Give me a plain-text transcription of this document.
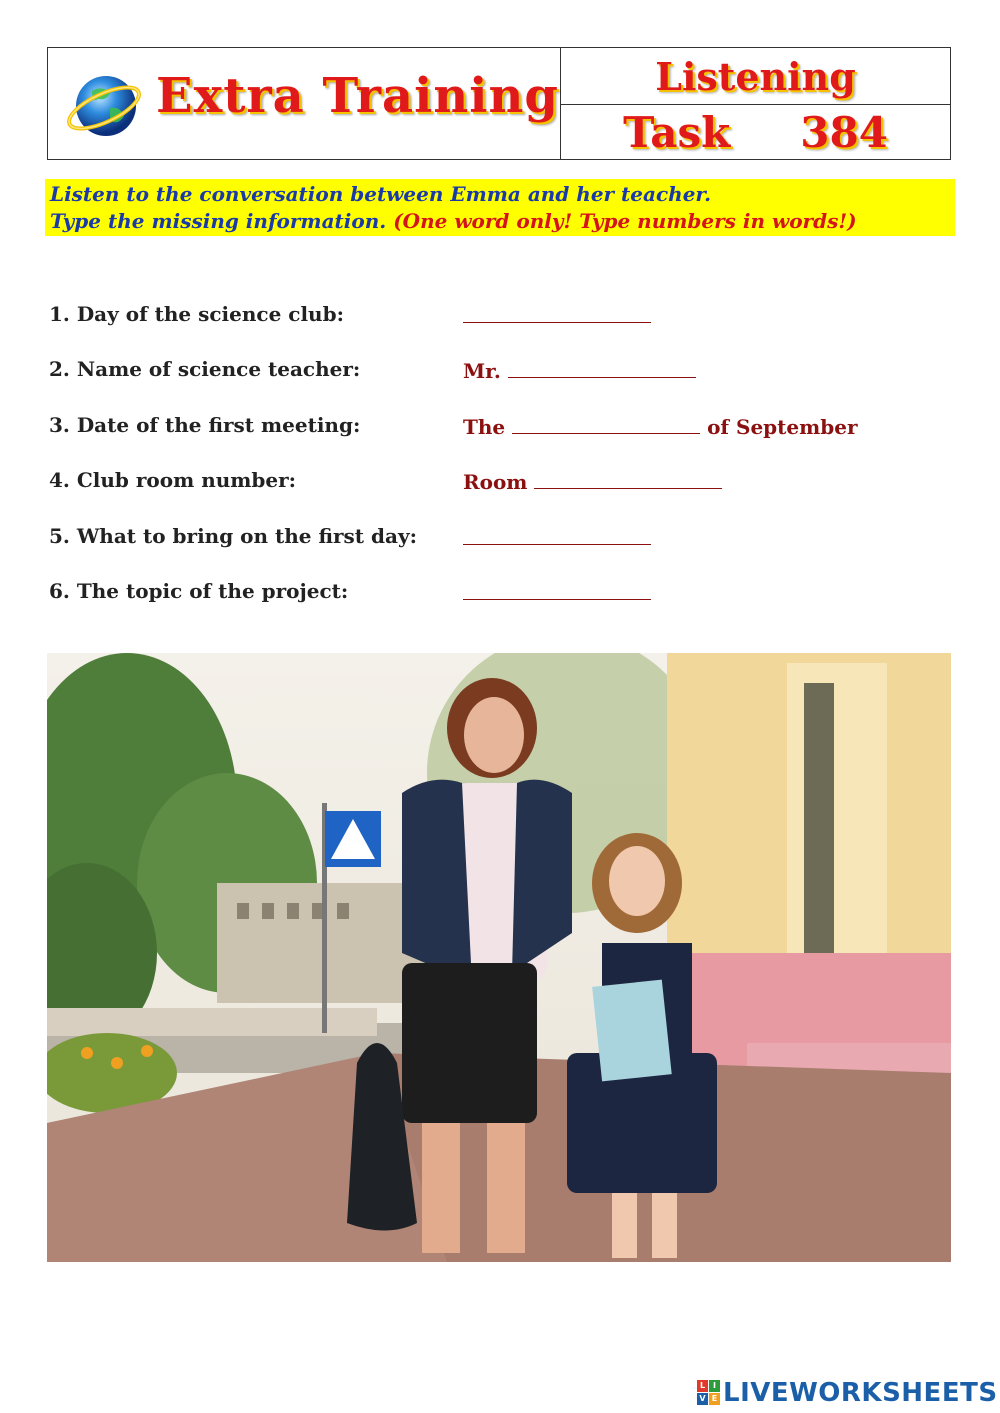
Extra Training	Listening
Task 384
Listen to the conversation between Emma and her teacher.
Type the missing information. (One word only! Type numbers in words!)
1. Day of the science club:
2. Name of science teacher:	Mr.
3. Date of the first meeting:	The	of September
4. Club room number:	Room
5. What to bring on the first day:
6. The topic of the project:
L I
V E LIVEWORKSHEETS
